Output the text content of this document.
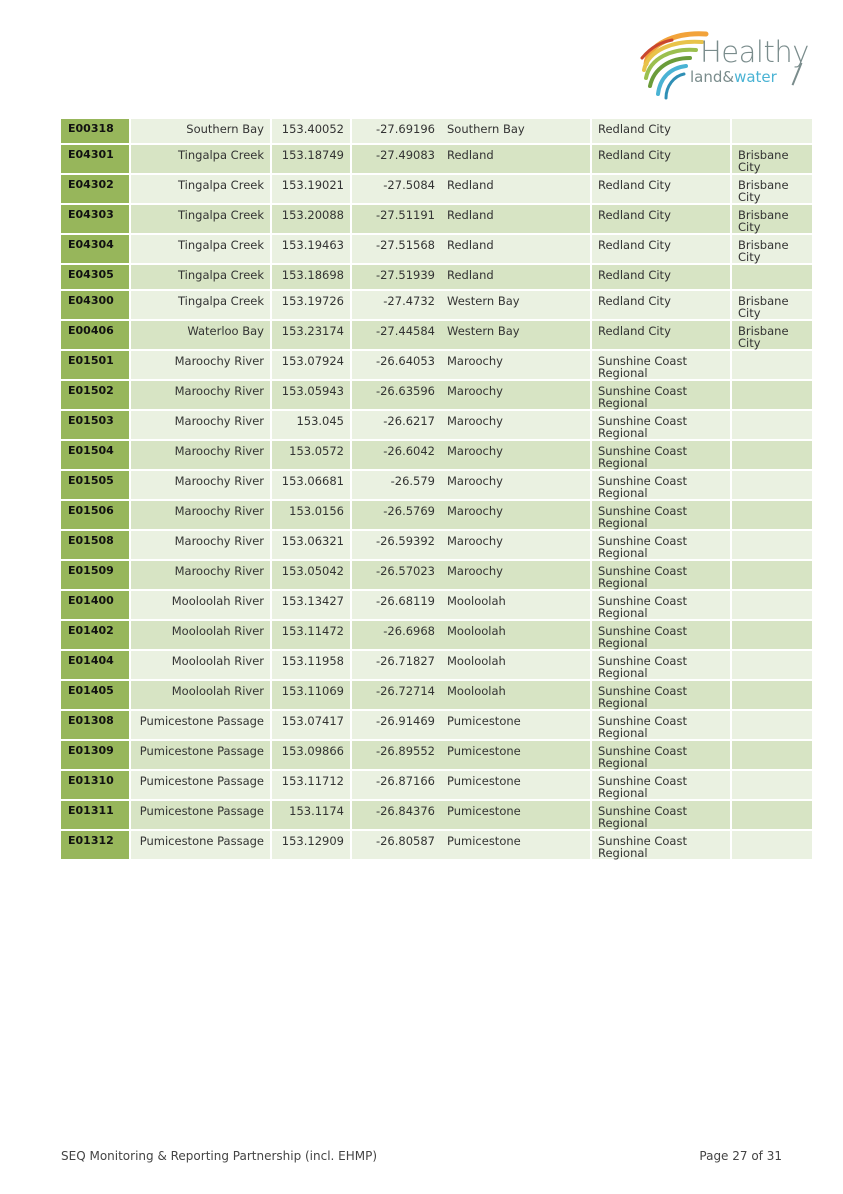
Healthy
land&water
E00318	Southern Bay	153.40052	-27.69196	Southern Bay	Redland City	
E04301	Tingalpa Creek	153.18749	-27.49083	Redland	Redland City	Brisbane City
E04302	Tingalpa Creek	153.19021	-27.5084	Redland	Redland City	Brisbane City
E04303	Tingalpa Creek	153.20088	-27.51191	Redland	Redland City	Brisbane City
E04304	Tingalpa Creek	153.19463	-27.51568	Redland	Redland City	Brisbane City
E04305	Tingalpa Creek	153.18698	-27.51939	Redland	Redland City	
E04300	Tingalpa Creek	153.19726	-27.4732	Western Bay	Redland City	Brisbane City
E00406	Waterloo Bay	153.23174	-27.44584	Western Bay	Redland City	Brisbane City
E01501	Maroochy River	153.07924	-26.64053	Maroochy	Sunshine Coast Regional	
E01502	Maroochy River	153.05943	-26.63596	Maroochy	Sunshine Coast Regional	
E01503	Maroochy River	153.045	-26.6217	Maroochy	Sunshine Coast Regional	
E01504	Maroochy River	153.0572	-26.6042	Maroochy	Sunshine Coast Regional	
E01505	Maroochy River	153.06681	-26.579	Maroochy	Sunshine Coast Regional	
E01506	Maroochy River	153.0156	-26.5769	Maroochy	Sunshine Coast Regional	
E01508	Maroochy River	153.06321	-26.59392	Maroochy	Sunshine Coast Regional	
E01509	Maroochy River	153.05042	-26.57023	Maroochy	Sunshine Coast Regional	
E01400	Mooloolah River	153.13427	-26.68119	Mooloolah	Sunshine Coast Regional	
E01402	Mooloolah River	153.11472	-26.6968	Mooloolah	Sunshine Coast Regional	
E01404	Mooloolah River	153.11958	-26.71827	Mooloolah	Sunshine Coast Regional	
E01405	Mooloolah River	153.11069	-26.72714	Mooloolah	Sunshine Coast Regional	
E01308	Pumicestone Passage	153.07417	-26.91469	Pumicestone	Sunshine Coast Regional	
E01309	Pumicestone Passage	153.09866	-26.89552	Pumicestone	Sunshine Coast Regional	
E01310	Pumicestone Passage	153.11712	-26.87166	Pumicestone	Sunshine Coast Regional	
E01311	Pumicestone Passage	153.1174	-26.84376	Pumicestone	Sunshine Coast Regional	
E01312	Pumicestone Passage	153.12909	-26.80587	Pumicestone	Sunshine Coast Regional	
SEQ Monitoring & Reporting Partnership (incl. EHMP)	Page 27 of 31
